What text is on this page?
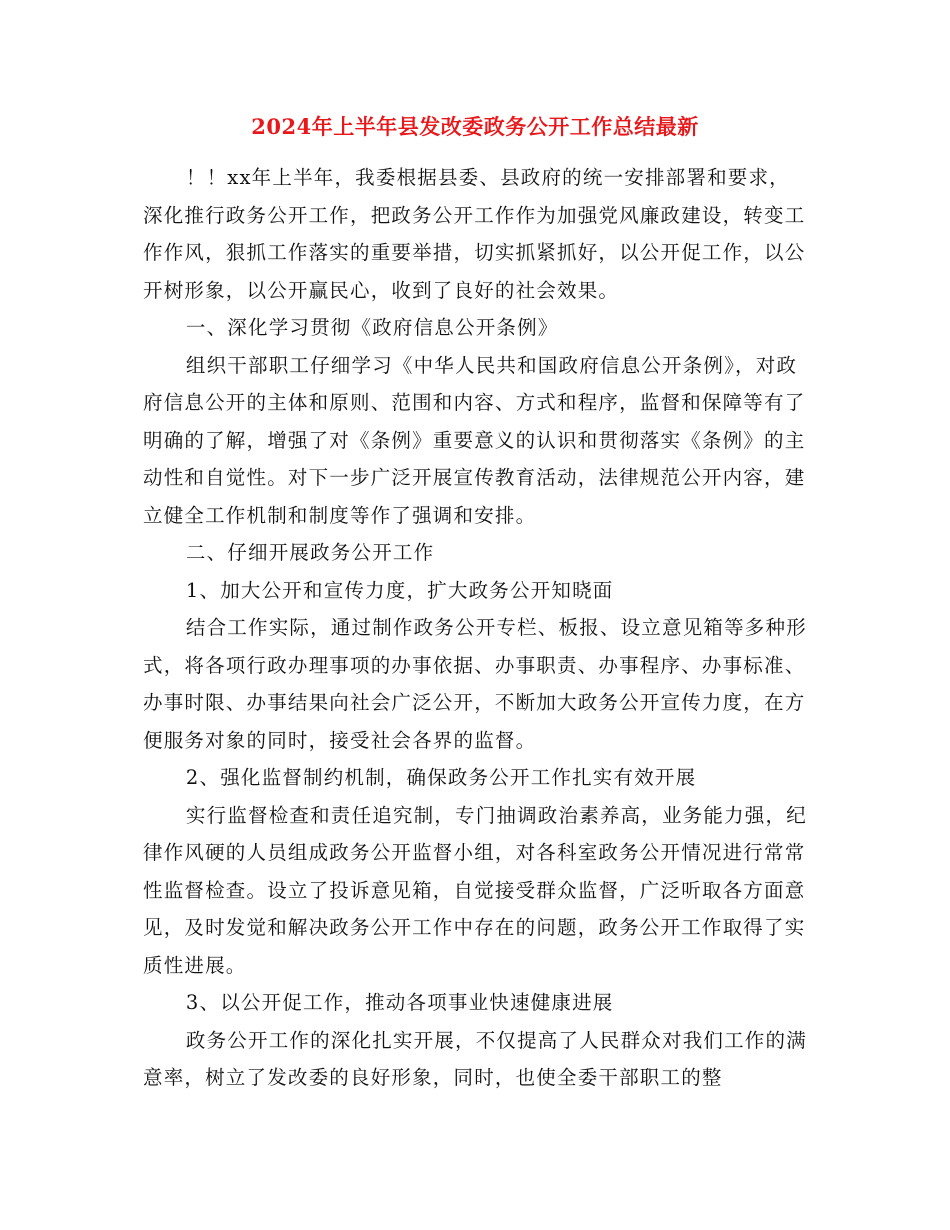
2024年上半年县发改委政务公开工作总结最新

！！xx年上半年，我委根据县委、县政府的统一安排部署和要求，深化推行政务公开工作，把政务公开工作作为加强党风廉政建设，转变工作作风，狠抓工作落实的重要举措，切实抓紧抓好，以公开促工作，以公开树形象，以公开赢民心，收到了良好的社会效果。

一、深化学习贯彻《政府信息公开条例》

组织干部职工仔细学习《中华人民共和国政府信息公开条例》，对政府信息公开的主体和原则、范围和内容、方式和程序，监督和保障等有了明确的了解，增强了对《条例》重要意义的认识和贯彻落实《条例》的主动性和自觉性。对下一步广泛开展宣传教育活动，法律规范公开内容，建立健全工作机制和制度等作了强调和安排。

二、仔细开展政务公开工作

1、加大公开和宣传力度，扩大政务公开知晓面

结合工作实际，通过制作政务公开专栏、板报、设立意见箱等多种形式，将各项行政办理事项的办事依据、办事职责、办事程序、办事标准、办事时限、办事结果向社会广泛公开，不断加大政务公开宣传力度，在方便服务对象的同时，接受社会各界的监督。

2、强化监督制约机制，确保政务公开工作扎实有效开展

实行监督检查和责任追究制，专门抽调政治素养高，业务能力强，纪律作风硬的人员组成政务公开监督小组，对各科室政务公开情况进行常常性监督检查。设立了投诉意见箱，自觉接受群众监督，广泛听取各方面意见，及时发觉和解决政务公开工作中存在的问题，政务公开工作取得了实质性进展。

3、以公开促工作，推动各项事业快速健康进展

政务公开工作的深化扎实开展，不仅提高了人民群众对我们工作的满意率，树立了发改委的良好形象，同时，也使全委干部职工的整
